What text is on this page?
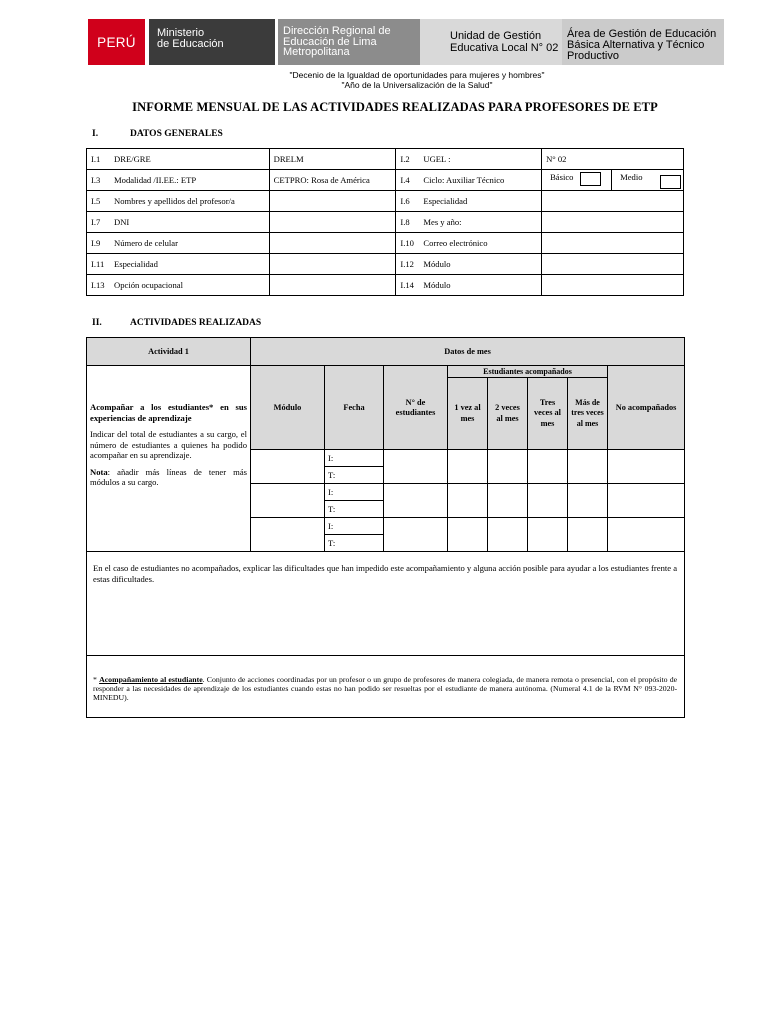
PERÚ
Ministerio
de Educación
Dirección Regional de
Educación de Lima
Metropolitana
Unidad de Gestión
Educativa Local N° 02
Área de Gestión de Educación
Básica Alternativa y Técnico
Productivo
"Decenio de la Igualdad de oportunidades para mujeres y hombres"
"Año de la Universalización de la Salud"
INFORME MENSUAL DE LAS ACTIVIDADES REALIZADAS PARA PROFESORES DE ETP
I.	DATOS GENERALES
I.1 DRE/GRE	DRELM	I.2 UGEL :	N° 02
I.3 Modalidad /II.EE.: ETP	CETPRO: Rosa de América	I.4 Ciclo: Auxiliar Técnico	Básico Medio

I.5 Nombres y apellidos del profesor/a		I.6 Especialidad	
I.7 DNI		I.8 Mes y año:	
I.9 Número de celular		I.10 Correo electrónico	
I.11 Especialidad		I.12 Módulo	
I.13 Opción ocupacional		I.14 Módulo	
II.	ACTIVIDADES REALIZADAS
Actividad 1	Datos de mes							

Acompañar a los estudiantes* en sus experiencias de aprendizaje
Indicar del total de estudiantes a su cargo, el número de estudiantes a quienes ha podido acompañar en su aprendizaje.
Nota: añadir más líneas de tener más módulos a su cargo.	Módulo	Fecha	N° de estudiantes	Estudiantes acompañados				No acompañados
				1 vez al mes	2 veces al mes	Tres veces al mes	Más de tres veces al mes	
		I:						
		T:						
		I:						
		T:						
		I:						
		T:						
En el caso de estudiantes no acompañados, explicar las dificultades que han impedido este acompañamiento y alguna acción posible para ayudar a los estudiantes frente a estas dificultades.								
* Acompañamiento al estudiante. Conjunto de acciones coordinadas por un profesor o un grupo de profesores de manera colegiada, de manera remota o presencial, con el propósito de responder a las necesidades de aprendizaje de los estudiantes cuando estas no han podido ser resueltas por el estudiante de manera autónoma. (Numeral 4.1 de la RVM N° 093-2020-MINEDU).								
